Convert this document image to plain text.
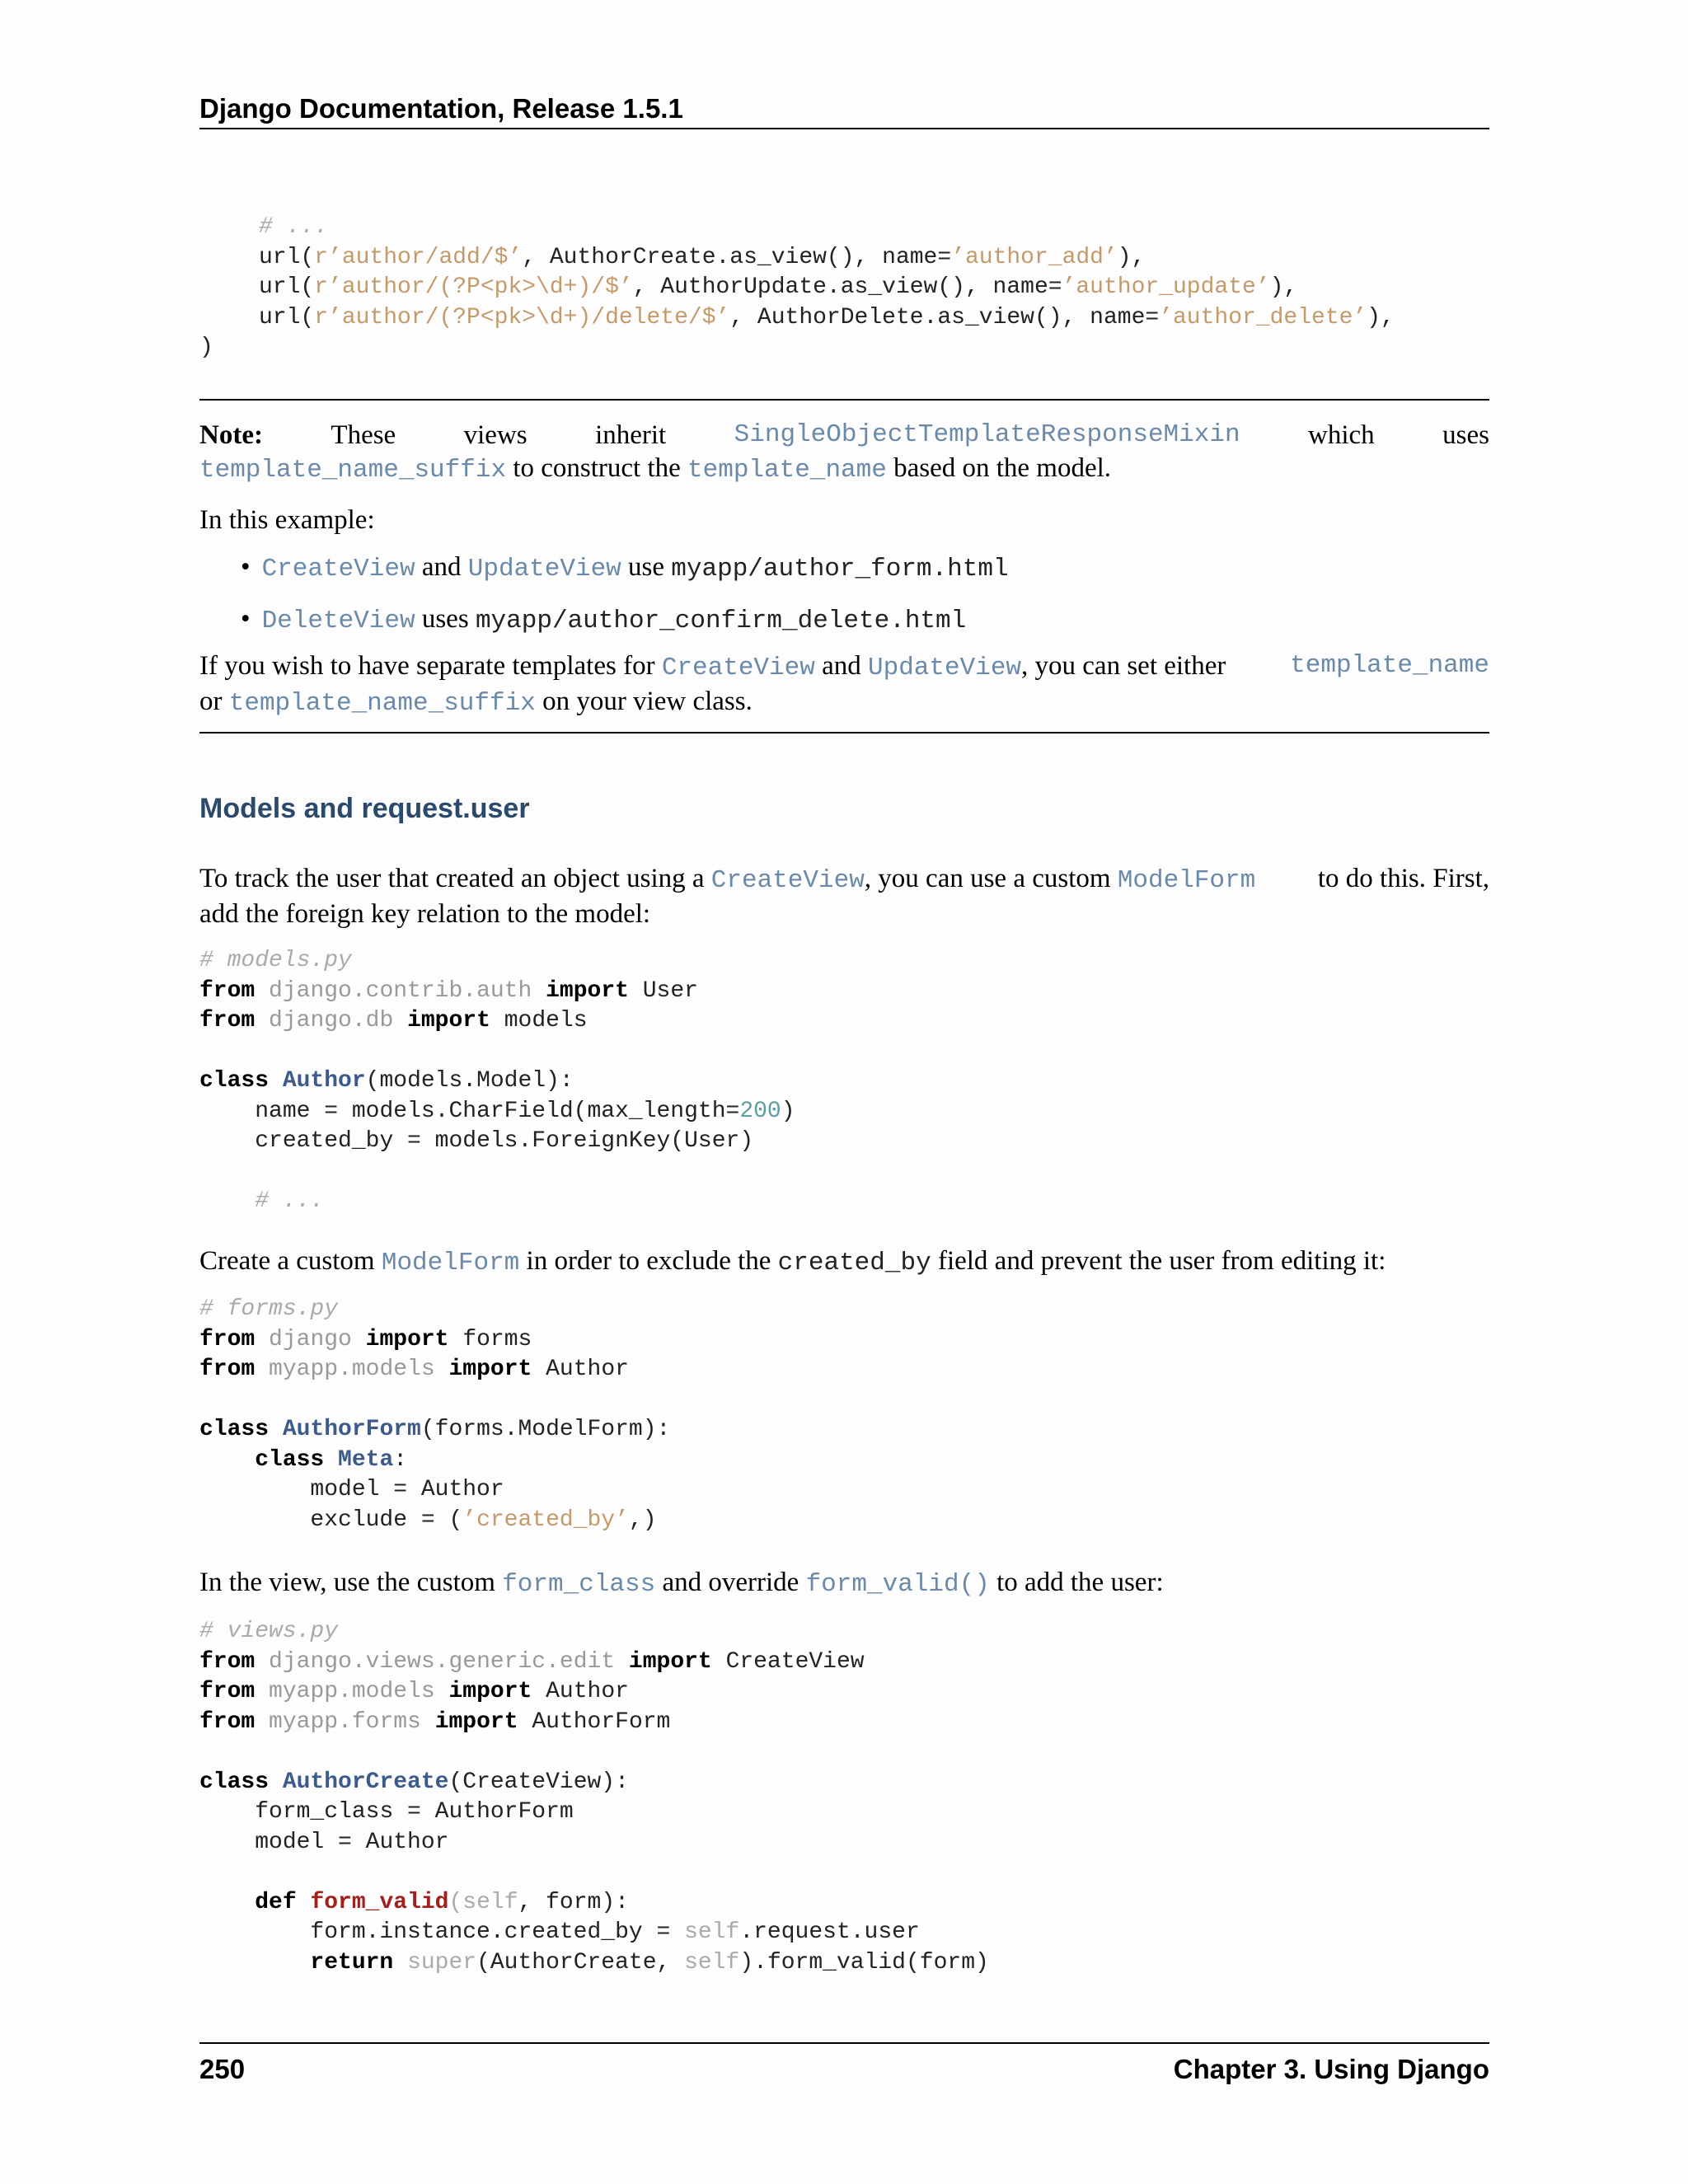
Django Documentation, Release 1.5.1
# ...
url(r’author/add/$’, AuthorCreate.as_view(), name=’author_add’),
url(r’author/(?P<pk>\d+)/$’, AuthorUpdate.as_view(), name=’author_update’),
url(r’author/(?P<pk>\d+)/delete/$’, AuthorDelete.as_view(), name=’author_delete’),
)
Note: These views inherit	SingleObjectTemplateResponseMixin which uses
template_name_suffix to construct the template_name based on the model.
In this example:
• CreateView and UpdateView use myapp/author_form.html
• DeleteView uses myapp/author_confirm_delete.html
If you wish to have separate templates for CreateView and UpdateView, you can set either	template_name
or template_name_suffix on your view class.
Models and request.user
To track the user that created an object using a CreateView, you can use a custom ModelForm to do this. First,
add the foreign key relation to the model:
# models.py
from django.contrib.auth import User
from django.db import models

class Author(models.Model):
name = models.CharField(max_length=200)
created_by = models.ForeignKey(User)

# ...
Create a custom ModelForm in order to exclude the created_by field and prevent the user from editing it:
# forms.py
from django import forms
from myapp.models import Author

class AuthorForm(forms.ModelForm):
class Meta:
model = Author
exclude = (’created_by’,)
In the view, use the custom form_class and override form_valid() to add the user:
# views.py
from django.views.generic.edit import CreateView
from myapp.models import Author
from myapp.forms import AuthorForm

class AuthorCreate(CreateView):
form_class = AuthorForm
model = Author

def form_valid(self, form):
form.instance.created_by = self.request.user
return super(AuthorCreate, self).form_valid(form)
250	Chapter 3. Using Django
